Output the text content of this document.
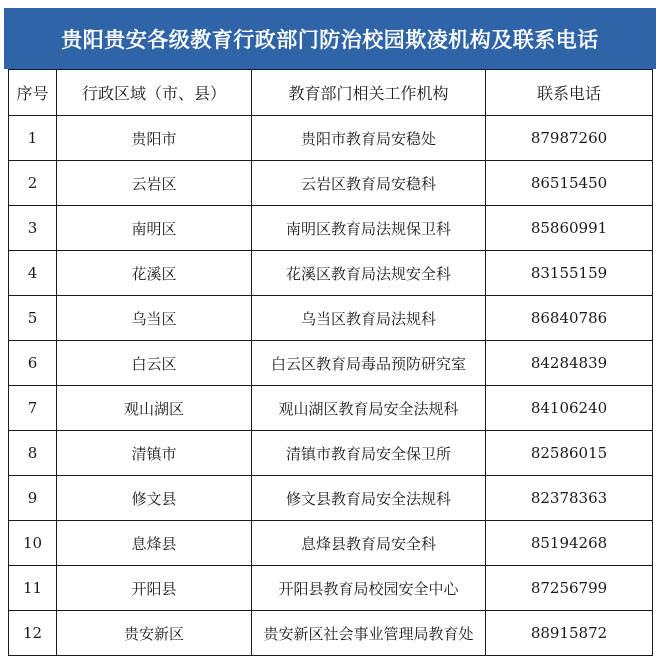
贵阳贵安各级教育行政部门防治校园欺凌机构及联系电话
序号	行政区域（市、县）	教育部门相关工作机构	联系电话
1	贵阳市	贵阳市教育局安稳处	87987260
2	云岩区	云岩区教育局安稳科	86515450
3	南明区	南明区教育局法规保卫科	85860991
4	花溪区	花溪区教育局法规安全科	83155159
5	乌当区	乌当区教育局法规科	86840786
6	白云区	白云区教育局毒品预防研究室	84284839
7	观山湖区	观山湖区教育局安全法规科	84106240
8	清镇市	清镇市教育局安全保卫所	82586015
9	修文县	修文县教育局安全法规科	82378363
10	息烽县	息烽县教育局安全科	85194268
11	开阳县	开阳县教育局校园安全中心	87256799
12	贵安新区	贵安新区社会事业管理局教育处	88915872
